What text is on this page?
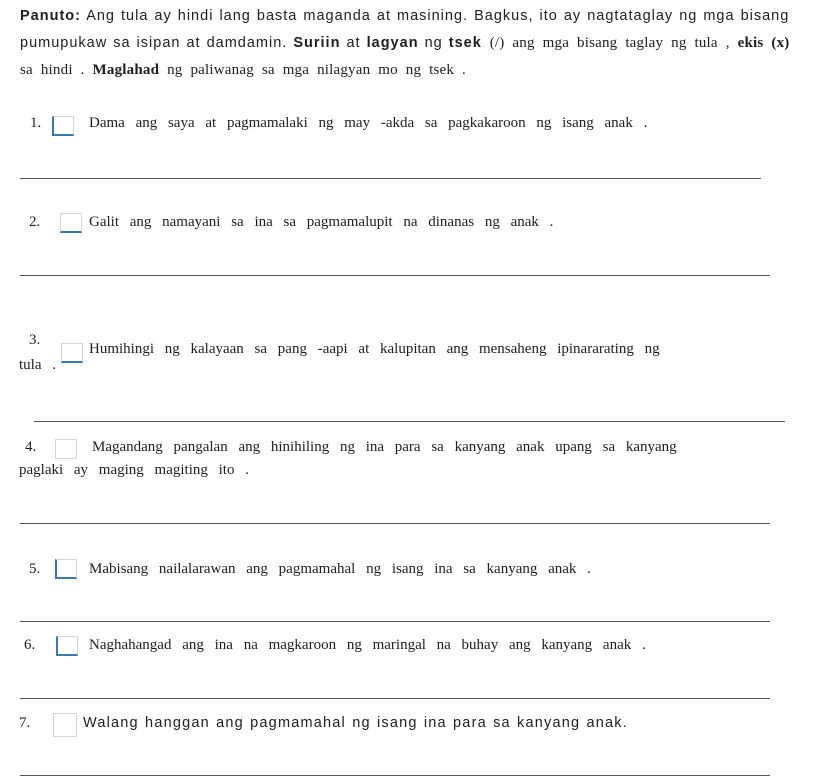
Panuto: Ang tula ay hindi lang basta maganda at masining. Bagkus, ito ay nagtataglay ng mga bisang pumupukaw sa isipan at damdamin. Suriin at lagyan ng tsek (/) ang mga bisang taglay ng tula , ekis (x) sa hindi . Maglahad ng paliwanag sa mga nilagyan mo ng tsek .
1.	Dama ang saya at pagmamalaki ng may -akda sa pagkakaroon ng isang anak .
2.	Galit ang namayani sa ina sa pagmamalupit na dinanas ng anak .
3.
Humihingi ng kalayaan sa pang -aapi at kalupitan ang mensaheng ipinararating ng
tula .
4.	Magandang pangalan ang hinihiling ng ina para sa kanyang anak upang sa kanyang
paglaki ay maging magiting ito .
5.	Mabisang nailalarawan ang pagmamahal ng isang ina sa kanyang anak .
6.	Naghahangad ang ina na magkaroon ng maringal na buhay ang kanyang anak .
7.	Walang hanggan ang pagmamahal ng isang ina para sa kanyang anak.
